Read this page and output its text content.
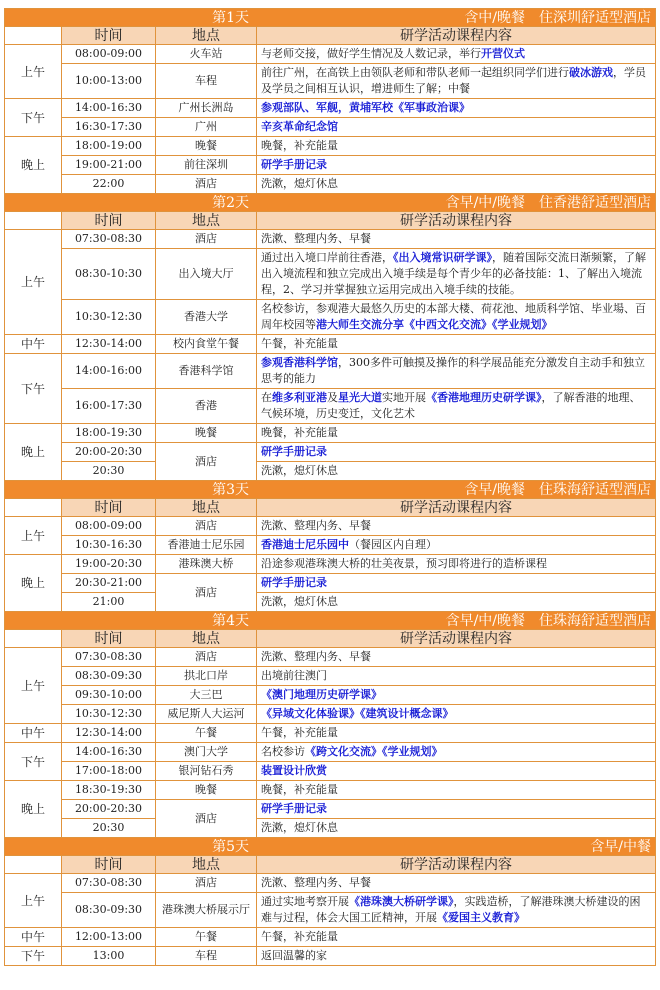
第1天 含中/晚餐　住深圳舒适型酒店			

	时间	地点	研学活动课程内容
上午	08:00-09:00	火车站	与老师交接，做好学生情况及人数记录，举行开营仪式
	10:00-13:00	车程	前往广州，在高铁上由领队老师和带队老师一起组织同学们进行破冰游戏，学员及学员之间相互认识，增进师生了解；中餐
下午	14:00-16:30	广州长洲岛	参观部队、军舰，黄埔军校《军事政治课》
	16:30-17:30	广州	辛亥革命纪念馆
晚上	18:00-19:00	晚餐	晚餐，补充能量
	19:00-21:00	前往深圳	研学手册记录
	22:00	酒店	洗漱，熄灯休息
第2天 含早/中/晚餐　住香港舒适型酒店			

	时间	地点	研学活动课程内容
上午	07:30-08:30	酒店	洗漱、整理内务、早餐
	08:30-10:30	出入境大厅	通过出入境口岸前往香港，《出入境常识研学课》，随着国际交流日渐频繁，了解出入境流程和独立完成出入境手续是每个青少年的必备技能：1、了解出入境流程，2、学习并掌握独立运用完成出入境手续的技能。
	10:30-12:30	香港大学	名校参访，参观港大最悠久历史的本部大楼、荷花池、地质科学馆、毕业場、百周年校园等港大师生交流分享《中西文化交流》《学业规划》
中午	12:30-14:00	校内食堂午餐	午餐，补充能量
下午	14:00-16:00	香港科学馆	参观香港科学馆，300多件可触摸及操作的科学展品能充分激发自主动手和独立思考的能力
	16:00-17:30	香港	在维多利亚港及星光大道实地开展《香港地理历史研学课》，了解香港的地理、气候环境，历史变迁，文化艺术
晚上	18:00-19:30	晚餐	晚餐，补充能量
	20:00-20:30	酒店	研学手册记录
	20:30		洗漱，熄灯休息
第3天 含早/晚餐　住珠海舒适型酒店			

	时间	地点	研学活动课程内容
上午	08:00-09:00	酒店	洗漱、整理内务、早餐
	10:30-16:30	香港迪士尼乐园	香港迪士尼乐园中（餐园区内自理）
晚上	19:00-20:30	港珠澳大桥	沿途参观港珠澳大桥的壮美夜景，预习即将进行的造桥课程
	20:30-21:00	酒店	研学手册记录
	21:00		洗漱，熄灯休息
第4天 含早/中/晚餐　住珠海舒适型酒店			

	时间	地点	研学活动课程内容
上午	07:30-08:30	酒店	洗漱、整理内务、早餐
	08:30-09:30	拱北口岸	出境前往澳门
	09:30-10:00	大三巴	《澳门地理历史研学课》
	10:30-12:30	威尼斯人大运河	《异域文化体验课》《建筑设计概念课》
中午	12:30-14:00	午餐	午餐，补充能量
下午	14:00-16:30	澳门大学	名校参访《跨文化交流》《学业规划》
	17:00-18:00	银河钻石秀	装置设计欣赏
晚上	18:30-19:30	晚餐	晚餐，补充能量
	20:00-20:30	酒店	研学手册记录
	20:30		洗漱，熄灯休息
第5天 含早/中餐			

	时间	地点	研学活动课程内容
上午	07:30-08:30	酒店	洗漱、整理内务、早餐
	08:30-09:30	港珠澳大桥展示厅	通过实地考察开展《港珠澳大桥研学课》，实践造桥，了解港珠澳大桥建设的困难与过程，体会大国工匠精神，开展《爱国主义教育》
中午	12:00-13:00	午餐	午餐，补充能量
下午	13:00	车程	返回温馨的家
